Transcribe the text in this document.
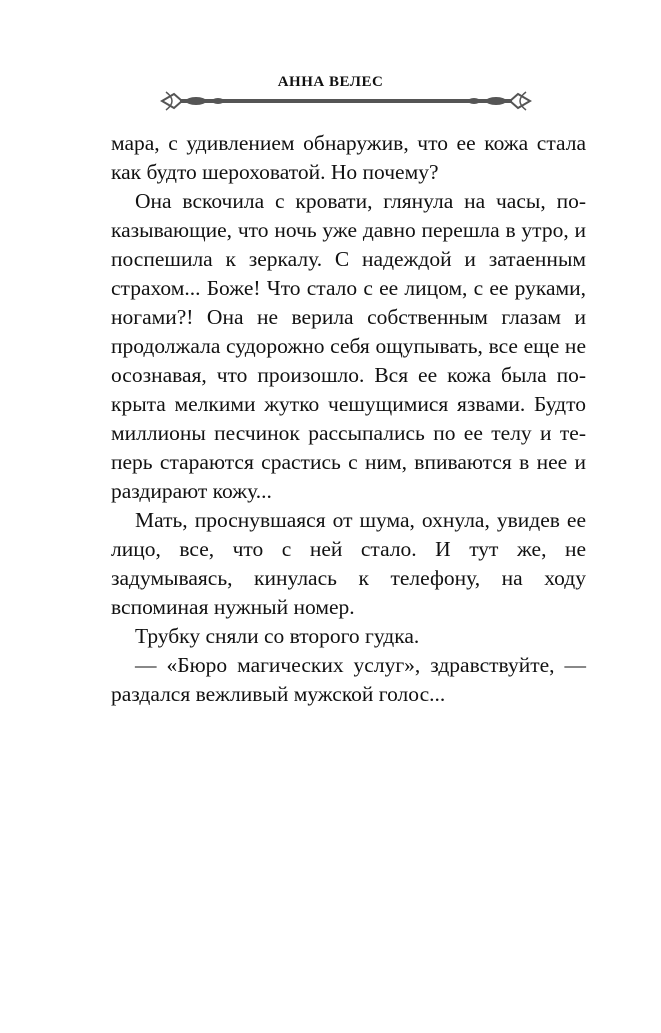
АННА ВЕЛЕС

мара, с удивлением обнаружив, что ее кожа стала как будто шероховатой. Но почему?

Она вскочила с кровати, глянула на часы, показывающие, что ночь уже давно перешла в утро, и поспешила к зеркалу. С надеждой и затаенным страхом... Боже! Что стало с ее лицом, с ее руками, ногами?! Она не верила собственным глазам и продолжала судорожно себя ощупывать, все еще не осознавая, что произошло. Вся ее кожа была покрыта мелкими жутко чешущимися язвами. Будто миллионы песчинок рассыпались по ее телу и теперь стараются срастись с ним, впиваются в нее и раздирают кожу...

Мать, проснувшаяся от шума, охнула, увидев ее лицо, все, что с ней стало. И тут же, не задумываясь, кинулась к телефону, на ходу вспоминая нужный номер.

Трубку сняли со второго гудка.

— «Бюро магических услуг», здравствуйте, — раздался вежливый мужской голос...
